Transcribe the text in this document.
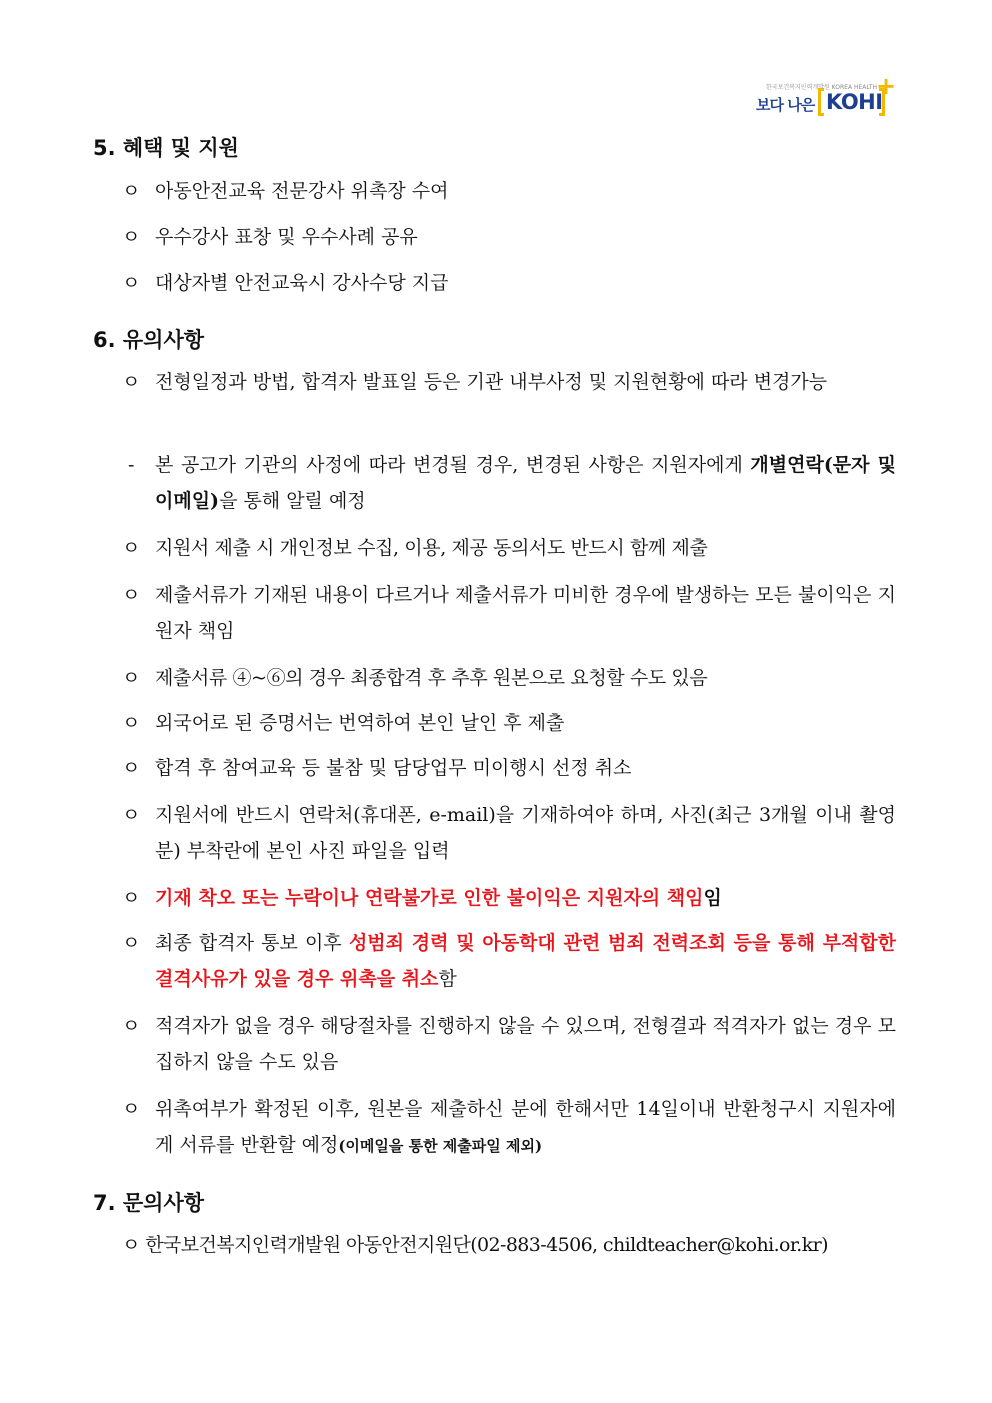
한국보건복지인력개발원 KOREA HEALTH
보다 나은 KOHI
+
5. 혜택 및 지원
ㅇ 아동안전교육 전문강사 위촉장 수여
ㅇ 우수강사 표창 및 우수사례 공유
ㅇ 대상자별 안전교육시 강사수당 지급
6. 유의사항
ㅇ 전형일정과 방법, 합격자 발표일 등은 기관 내부사정 및 지원현황에 따라 변경가능
- 본 공고가 기관의 사정에 따라 변경될 경우, 변경된 사항은 지원자에게 개별연락(문자 및 이메일)을 통해 알릴 예정
ㅇ 지원서 제출 시 개인정보 수집, 이용, 제공 동의서도 반드시 함께 제출
ㅇ 제출서류가 기재된 내용이 다르거나 제출서류가 미비한 경우에 발생하는 모든 불이익은 지원자 책임
ㅇ 제출서류 ④~⑥의 경우 최종합격 후 추후 원본으로 요청할 수도 있음
ㅇ 외국어로 된 증명서는 번역하여 본인 날인 후 제출
ㅇ 합격 후 참여교육 등 불참 및 담당업무 미이행시 선정 취소
ㅇ 지원서에 반드시 연락처(휴대폰, e-mail)을 기재하여야 하며, 사진(최근 3개월 이내 촬영분) 부착란에 본인 사진 파일을 입력
ㅇ 기재 착오 또는 누락이나 연락불가로 인한 불이익은 지원자의 책임임
ㅇ 최종 합격자 통보 이후 성범죄 경력 및 아동학대 관련 범죄 전력조회 등을 통해 부적합한 결격사유가 있을 경우 위촉을 취소함
ㅇ 적격자가 없을 경우 해당절차를 진행하지 않을 수 있으며, 전형결과 적격자가 없는 경우 모집하지 않을 수도 있음
ㅇ 위촉여부가 확정된 이후, 원본을 제출하신 분에 한해서만 14일이내 반환청구시 지원자에게 서류를 반환할 예정(이메일을 통한 제출파일 제외)
7. 문의사항
ㅇ 한국보건복지인력개발원 아동안전지원단(02-883-4506, childteacher@kohi.or.kr)
